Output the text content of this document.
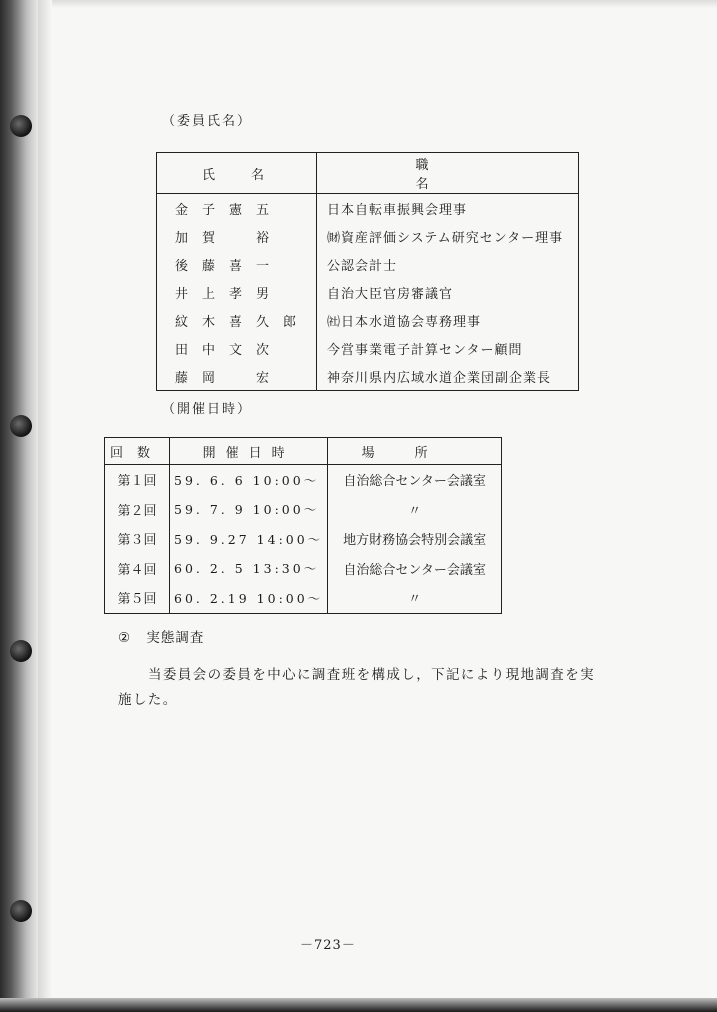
（委員氏名）
氏名	職名
金子憲五	日本自転車振興会理事
加賀　裕	㈶資産評価システム研究センター理事
後藤喜一	公認会計士
井上孝男	自治大臣官房審議官
紋木喜久郎	㈳日本水道協会専務理事
田中文次	今営事業電子計算センター顧問
藤岡　宏	神奈川県内広域水道企業団副企業長
（開催日時）
回数	開催日時	場所
第１回	59. 6. 6 10:00～	自治総合センター会議室
第２回	59. 7. 9 10:00～	〃
第３回	59. 9.27 14:00～	地方財務協会特別会議室
第４回	60. 2. 5 13:30～	自治総合センター会議室
第５回	60. 2.19 10:00～	〃
② 実態調査
当委員会の委員を中心に調査班を構成し，下記により現地調査を実
施した。
－723－
